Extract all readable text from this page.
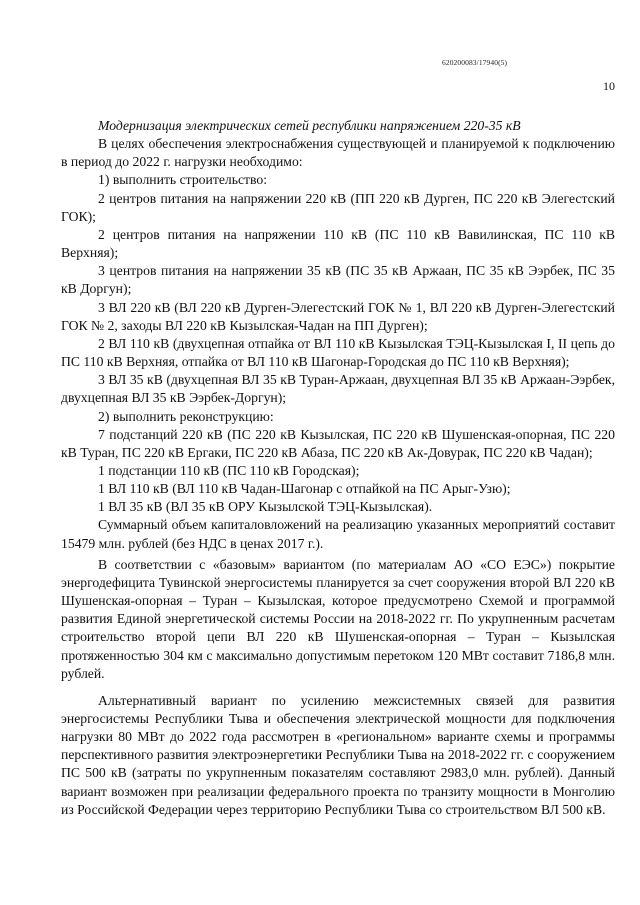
620200083/17940(5)
10

Модернизация электрических сетей республики напряжением 220-35 кВ

В целях обеспечения электроснабжения существующей и планируемой к подключению в период до 2022 г. нагрузки необходимо:

1) выполнить строительство:

2 центров питания на напряжении 220 кВ (ПП 220 кВ Дурген, ПС 220 кВ Элегестский ГОК);

2 центров питания на напряжении 110 кВ (ПС 110 кВ Вавилинская, ПС 110 кВ Верхняя);

3 центров питания на напряжении 35 кВ (ПС 35 кВ Аржаан, ПС 35 кВ Ээрбек, ПС 35 кВ Доргун);

3 ВЛ 220 кВ (ВЛ 220 кВ Дурген-Элегестский ГОК № 1, ВЛ 220 кВ Дурген-Элегестский ГОК № 2, заходы ВЛ 220 кВ Кызылская-Чадан на ПП Дурген);

2 ВЛ 110 кВ (двухцепная отпайка от ВЛ 110 кВ Кызылская ТЭЦ-Кызылская I, II цепь до ПС 110 кВ Верхняя, отпайка от ВЛ 110 кВ Шагонар-Городская до ПС 110 кВ Верхняя);

3 ВЛ 35 кВ (двухцепная ВЛ 35 кВ Туран-Аржаан, двухцепная ВЛ 35 кВ Аржаан-Ээрбек, двухцепная ВЛ 35 кВ Ээрбек-Доргун);

2) выполнить реконструкцию:

7 подстанций 220 кВ (ПС 220 кВ Кызылская, ПС 220 кВ Шушенская-опорная, ПС 220 кВ Туран, ПС 220 кВ Ергаки, ПС 220 кВ Абаза, ПС 220 кВ Ак-Довурак, ПС 220 кВ Чадан);

1 подстанции 110 кВ (ПС 110 кВ Городская);

1 ВЛ 110 кВ (ВЛ 110 кВ Чадан-Шагонар с отпайкой на ПС Арыг-Узю);

1 ВЛ 35 кВ (ВЛ 35 кВ ОРУ Кызылской ТЭЦ-Кызылская).

Суммарный объем капиталовложений на реализацию указанных мероприятий составит 15479 млн. рублей (без НДС в ценах 2017 г.).

В соответствии с «базовым» вариантом (по материалам АО «СО ЕЭС») покрытие энергодефицита Тувинской энергосистемы планируется за счет сооружения второй ВЛ 220 кВ Шушенская-опорная – Туран – Кызылская, которое предусмотрено Схемой и программой развития Единой энергетической системы России на 2018-2022 гг. По укрупненным расчетам строительство второй цепи ВЛ 220 кВ Шушенская-опорная – Туран – Кызылская протяженностью 304 км с максимально допустимым перетоком 120 МВт составит 7186,8 млн. рублей.

Альтернативный вариант по усилению межсистемных связей для развития энергосистемы Республики Тыва и обеспечения электрической мощности для подключения нагрузки 80 МВт до 2022 года рассмотрен в «региональном» варианте схемы и программы перспективного развития электроэнергетики Республики Тыва на 2018-2022 гг. с сооружением ПС 500 кВ (затраты по укрупненным показателям составляют 2983,0 млн. рублей). Данный вариант возможен при реализации федерального проекта по транзиту мощности в Монголию из Российской Федерации через территорию Республики Тыва со строительством ВЛ 500 кВ.
